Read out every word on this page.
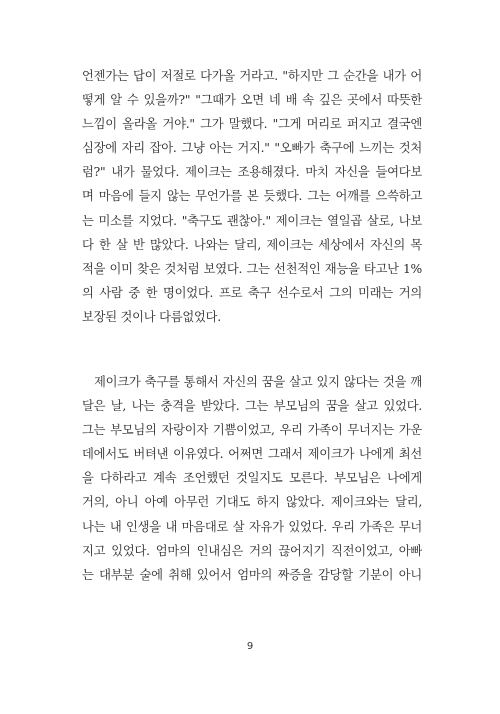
언젠가는 답이 저절로 다가올 거라고. "하지만 그 순간을 내가 어
떻게 알 수 있을까?" "그때가 오면 네 배 속 깊은 곳에서 따뜻한
느낌이 올라올 거야." 그가 말했다. "그게 머리로 퍼지고 결국엔
심장에 자리 잡아. 그냥 아는 거지." "오빠가 축구에 느끼는 것처
럼?" 내가 물었다. 제이크는 조용해졌다. 마치 자신을 들여다보
며 마음에 들지 않는 무언가를 본 듯했다. 그는 어깨를 으쓱하고
는 미소를 지었다. "축구도 괜찮아." 제이크는 열일곱 살로, 나보
다 한 살 반 많았다. 나와는 달리, 제이크는 세상에서 자신의 목
적을 이미 찾은 것처럼 보였다. 그는 선천적인 재능을 타고난 1%
의 사람 중 한 명이었다. 프로 축구 선수로서 그의 미래는 거의
보장된 것이나 다름없었다.
제이크가 축구를 통해서 자신의 꿈을 살고 있지 않다는 것을 깨
달은 날, 나는 충격을 받았다. 그는 부모님의 꿈을 살고 있었다.
그는 부모님의 자랑이자 기쁨이었고, 우리 가족이 무너지는 가운
데에서도 버텨낸 이유였다. 어쩌면 그래서 제이크가 나에게 최선
을 다하라고 계속 조언했던 것일지도 모른다. 부모님은 나에게
거의, 아니 아예 아무런 기대도 하지 않았다. 제이크와는 달리,
나는 내 인생을 내 마음대로 살 자유가 있었다. 우리 가족은 무너
지고 있었다. 엄마의 인내심은 거의 끊어지기 직전이었고, 아빠
는 대부분 술에 취해 있어서 엄마의 짜증을 감당할 기분이 아니
9
